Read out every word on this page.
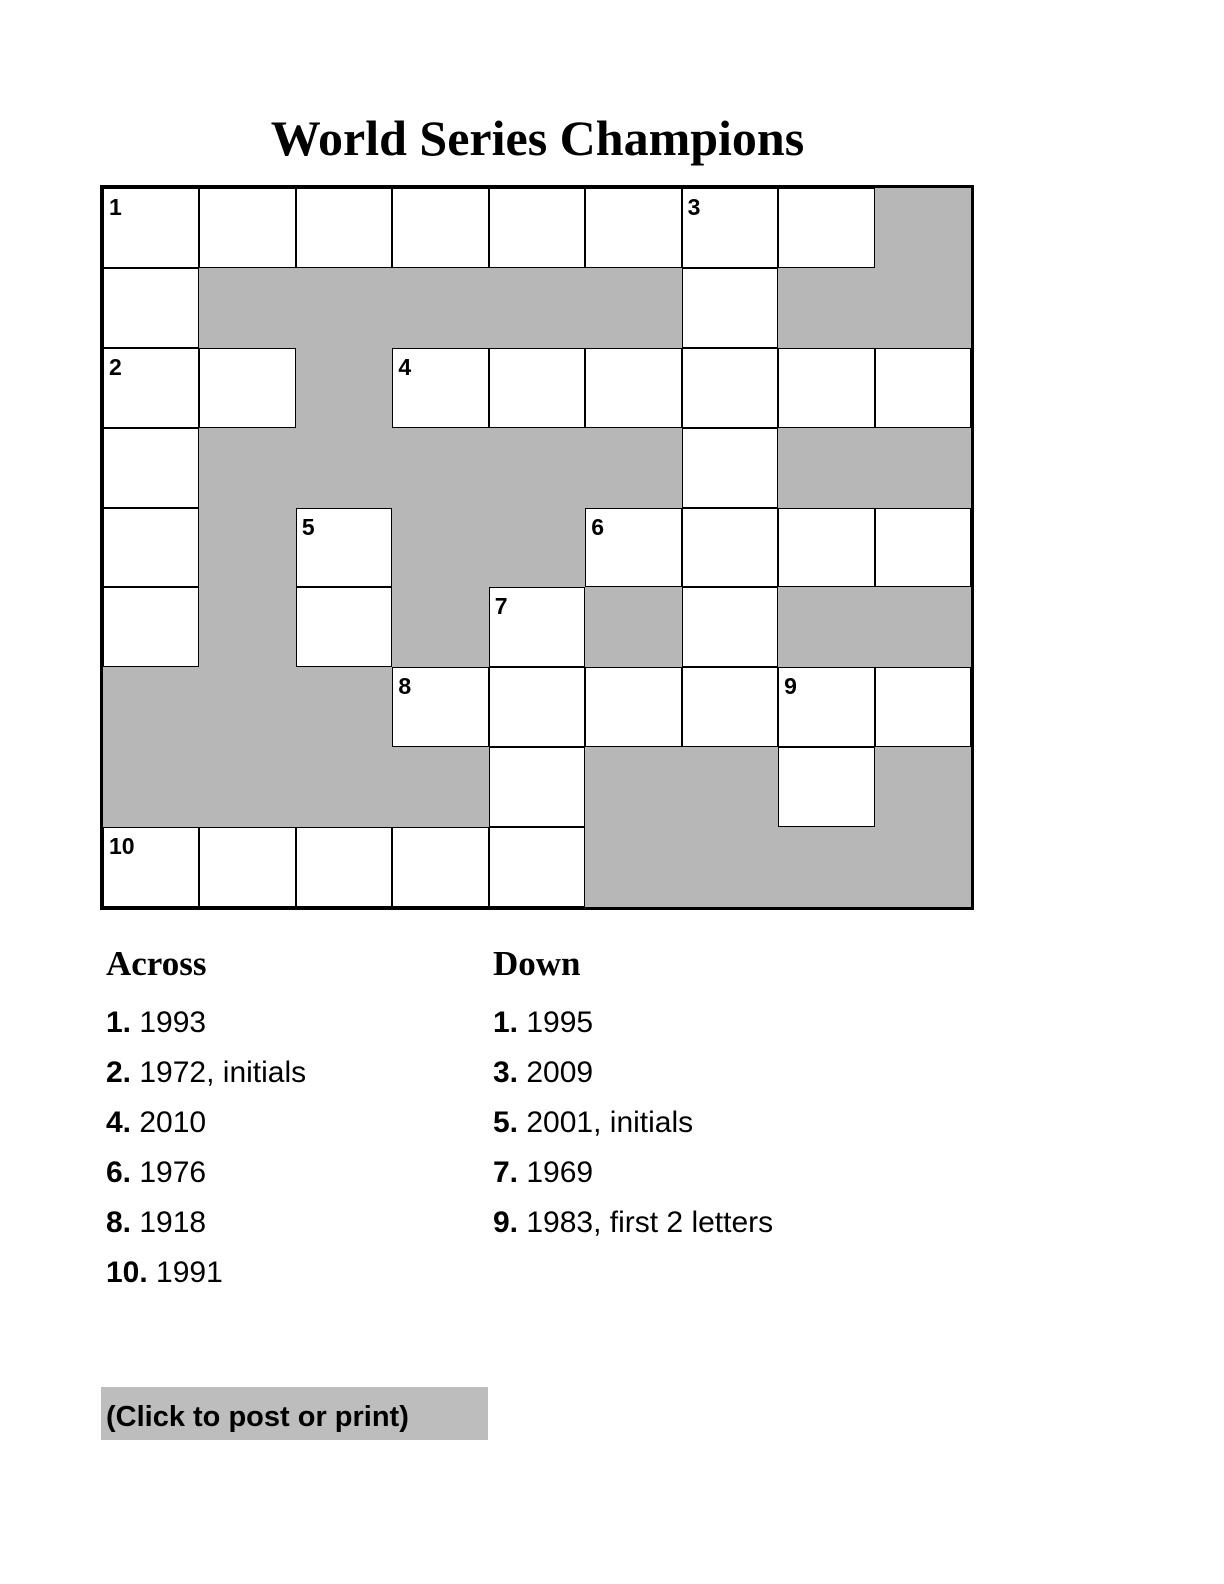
World Series Champions
1	3
2	4
5	6
7
8	9
10
Across
1. 1993
2. 1972, initials
4. 2010
6. 1976
8. 1918
10. 1991
Down
1. 1995
3. 2009
5. 2001, initials
7. 1969
9. 1983, first 2 letters
(Click to post or print)
